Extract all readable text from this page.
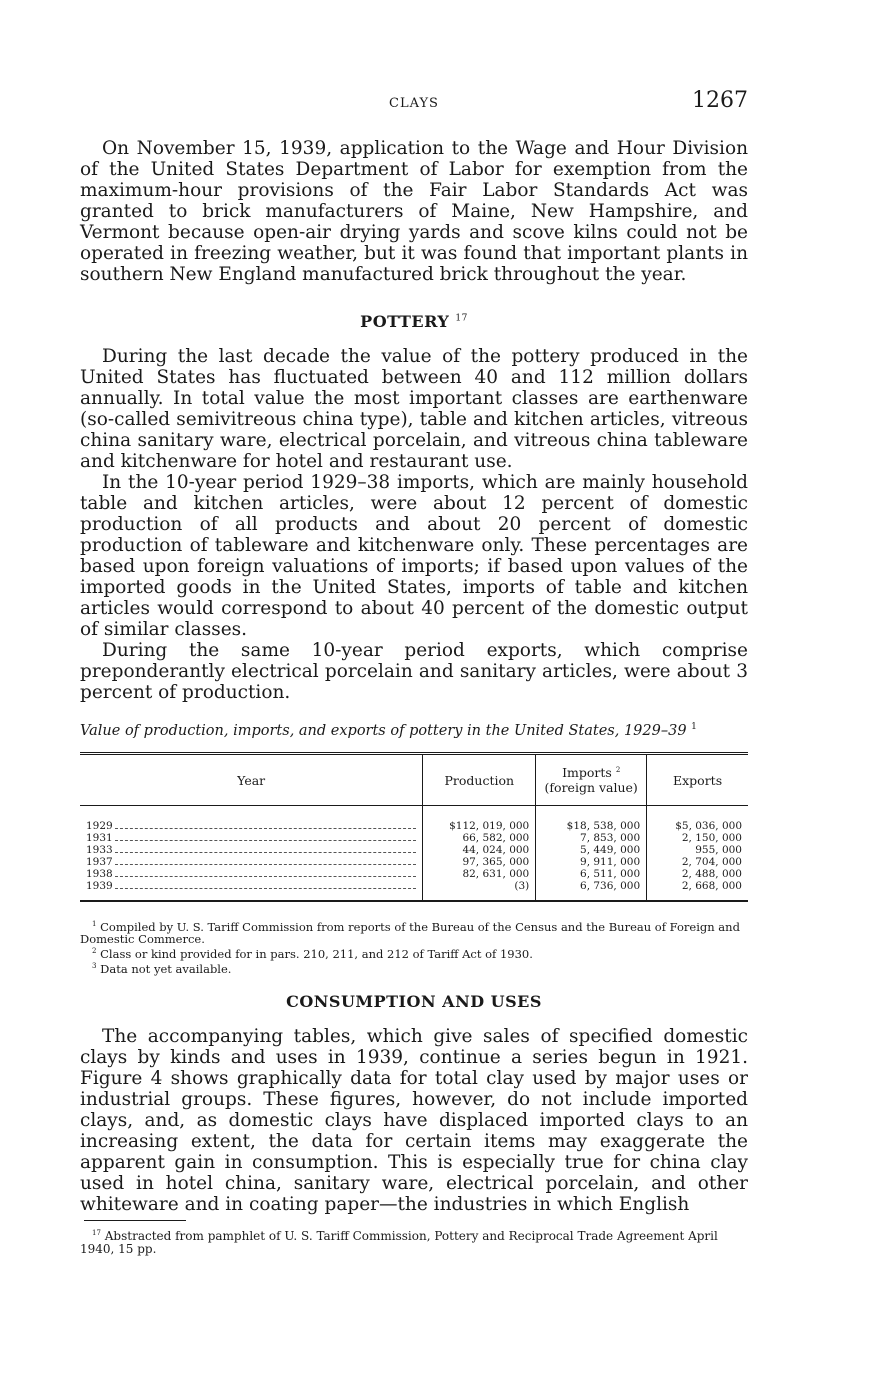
CLAYS	1267

On November 15, 1939, application to the Wage and Hour Division of the United States Department of Labor for exemption from the maximum-hour provisions of the Fair Labor Standards Act was granted to brick manufacturers of Maine, New Hampshire, and Vermont because open-air drying yards and scove kilns could not be operated in freezing weather, but it was found that important plants in southern New England manufactured brick throughout the year.

POTTERY $^{17}$

During the last decade the value of the pottery produced in the United States has fluctuated between 40 and 112 million dollars annually. In total value the most important classes are earthenware (so-called semivitreous china type), table and kitchen articles, vitreous china sanitary ware, electrical porcelain, and vitreous china tableware and kitchenware for hotel and restaurant use.

In the 10-year period 1929–38 imports, which are mainly household table and kitchen articles, were about 12 percent of domestic production of all products and about 20 percent of domestic production of tableware and kitchenware only. These percentages are based upon foreign valuations of imports; if based upon values of the imported goods in the United States, imports of table and kitchen articles would correspond to about 40 percent of the domestic output of similar classes.

During the same 10-year period exports, which comprise preponderantly electrical porcelain and sanitary articles, were about 3 percent of production.

Value of production, imports, and exports of pottery in the United States, 1929–39 $^1$

Year	Production	Imports $^2$ (foreign value)	Exports

1929	$112, 019, 000	$18, 538, 000	$5, 036, 000

1931	66, 582, 000	7, 853, 000	2, 150, 000

1933	44, 024, 000	5, 449, 000	955, 000

1937	97, 365, 000	9, 911, 000	2, 704, 000

1938	82, 631, 000	6, 511, 000	2, 488, 000

1939	(3)	6, 736, 000	2, 668, 000

$^1$ Compiled by U. S. Tariff Commission from reports of the Bureau of the Census and the Bureau of Foreign and Domestic Commerce.

$^2$ Class or kind provided for in pars. 210, 211, and 212 of Tariff Act of 1930.

$^3$ Data not yet available.

CONSUMPTION AND USES

The accompanying tables, which give sales of specified domestic clays by kinds and uses in 1939, continue a series begun in 1921. Figure 4 shows graphically data for total clay used by major uses or industrial groups. These figures, however, do not include imported clays, and, as domestic clays have displaced imported clays to an increasing extent, the data for certain items may exaggerate the apparent gain in consumption. This is especially true for china clay used in hotel china, sanitary ware, electrical porcelain, and other whiteware and in coating paper—the industries in which English

$^{17}$ Abstracted from pamphlet of U. S. Tariff Commission, Pottery and Reciprocal Trade Agreement April 1940, 15 pp.
